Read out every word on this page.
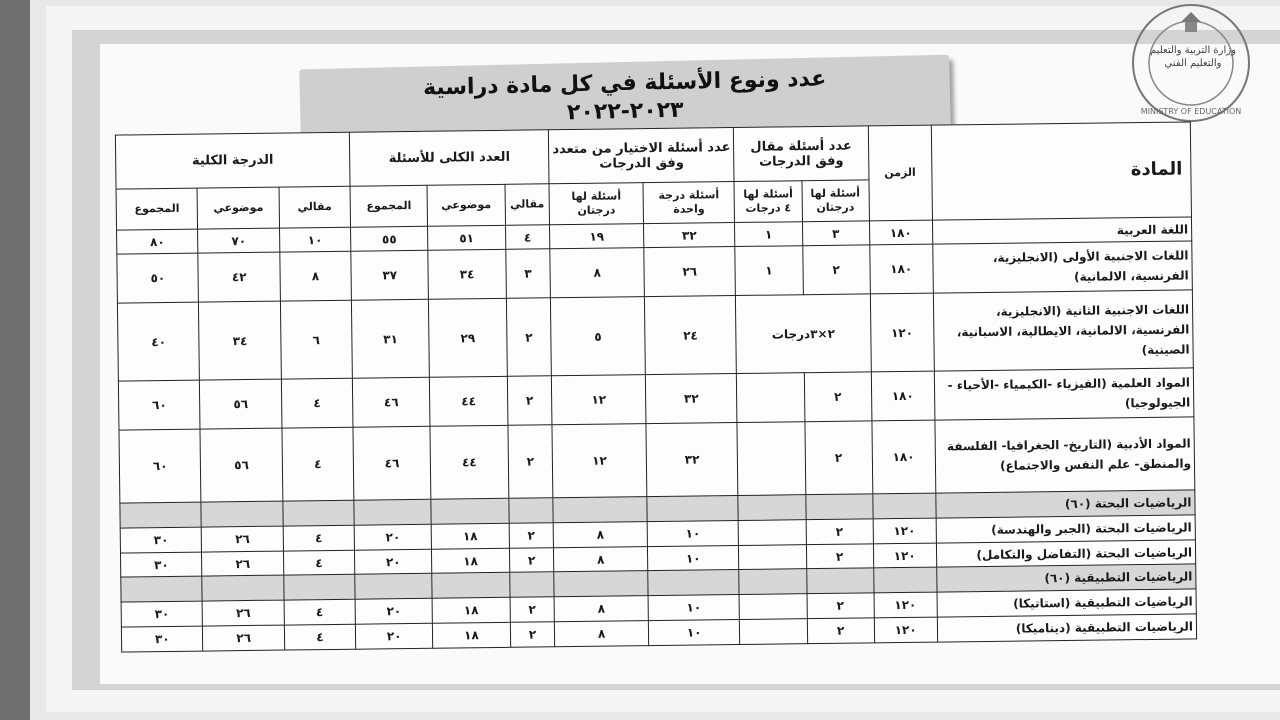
MINISTRY OF EDUCATION
وزارة التربية والتعليم والتعليم الفني
عدد ونوع الأسئلة في كل مادة دراسية
٢٠٢٣-٢٠٢٢
المادة	الزمن	عدد أسئلة مقال وفق الدرجات		عدد أسئلة الاختيار من متعدد وفق الدرجات		العدد الكلى للأسئلة			الدرجة الكلية		
		أسئلة لها درجتان	أسئلة لها ٤ درجات	أسئلة درجة واحدة	أسئلة لها درجتان	مقالي	موضوعي	المجموع	مقالي	موضوعي	المجموع
اللغة العربية	١٨٠	٣	١	٣٢	١٩	٤	٥١	٥٥	١٠	٧٠	٨٠
اللغات الاجنبية الأولى (الانجليزية، الفرنسية، الالمانية)	١٨٠	٢	١	٢٦	٨	٣	٣٤	٣٧	٨	٤٢	٥٠
اللغات الاجنبية الثانية (الانجليزية، الفرنسية، الالمانية، الايطالية، الاسبانية، الصينية)	١٢٠	٢×٣درجات		٢٤	٥	٢	٢٩	٣١	٦	٣٤	٤٠
المواد العلمية (الفيزياء -الكيمياء -الأحياء - الجيولوجيا)	١٨٠	٢		٣٢	١٢	٢	٤٤	٤٦	٤	٥٦	٦٠
المواد الأدبية (التاريخ- الجغرافيا- الفلسفة والمنطق- علم النفس والاجتماع)	١٨٠	٢		٣٢	١٢	٢	٤٤	٤٦	٤	٥٦	٦٠
الرياضيات البحتة (٦٠)											
الرياضيات البحتة (الجبر والهندسة)	١٢٠	٢		١٠	٨	٢	١٨	٢٠	٤	٢٦	٣٠
الرياضيات البحتة (التفاضل والتكامل)	١٢٠	٢		١٠	٨	٢	١٨	٢٠	٤	٢٦	٣٠
الرياضيات التطبيقية (٦٠)											
الرياضيات التطبيقية (استاتيكا)	١٢٠	٢		١٠	٨	٢	١٨	٢٠	٤	٢٦	٣٠
الرياضيات التطبيقية (ديناميكا)	١٢٠	٢		١٠	٨	٢	١٨	٢٠	٤	٢٦	٣٠
